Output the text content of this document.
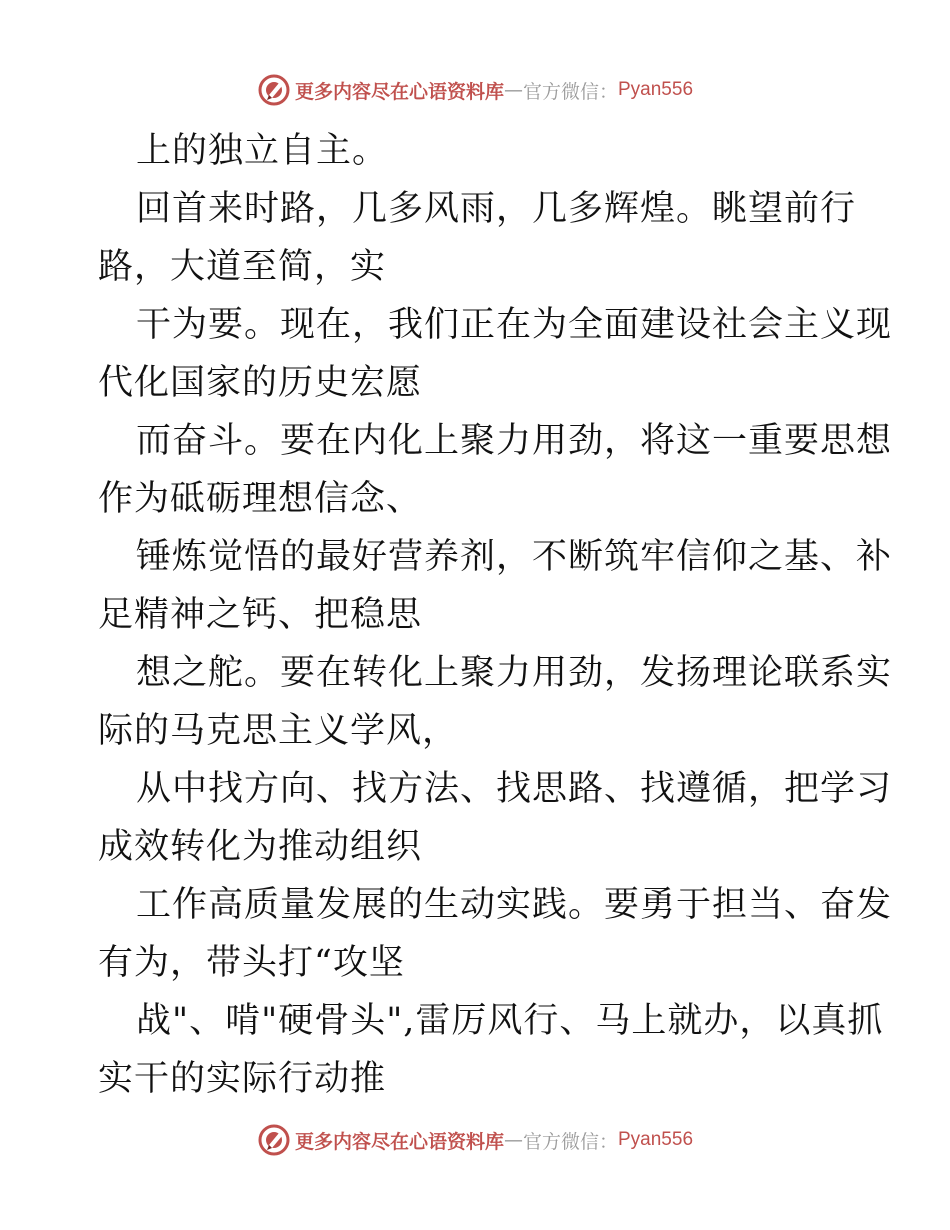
更多内容尽在心语资料库 — 官方微信： Pyan556
上的独立自主。
回首来时路，几多风雨，几多辉煌。眺望前行
路，大道至简，实
干为要。现在，我们正在为全面建设社会主义现
代化国家的历史宏愿
而奋斗。要在内化上聚力用劲，将这一重要思想
作为砥砺理想信念、
锤炼觉悟的最好营养剂，不断筑牢信仰之基、补
足精神之钙、把稳思
想之舵。要在转化上聚力用劲，发扬理论联系实
际的马克思主义学风，
从中找方向、找方法、找思路、找遵循，把学习
成效转化为推动组织
工作高质量发展的生动实践。要勇于担当、奋发
有为，带头打“攻坚
战"、啃"硬骨头",雷厉风行、马上就办，以真抓
实干的实际行动推
更多内容尽在心语资料库 — 官方微信： Pyan556
